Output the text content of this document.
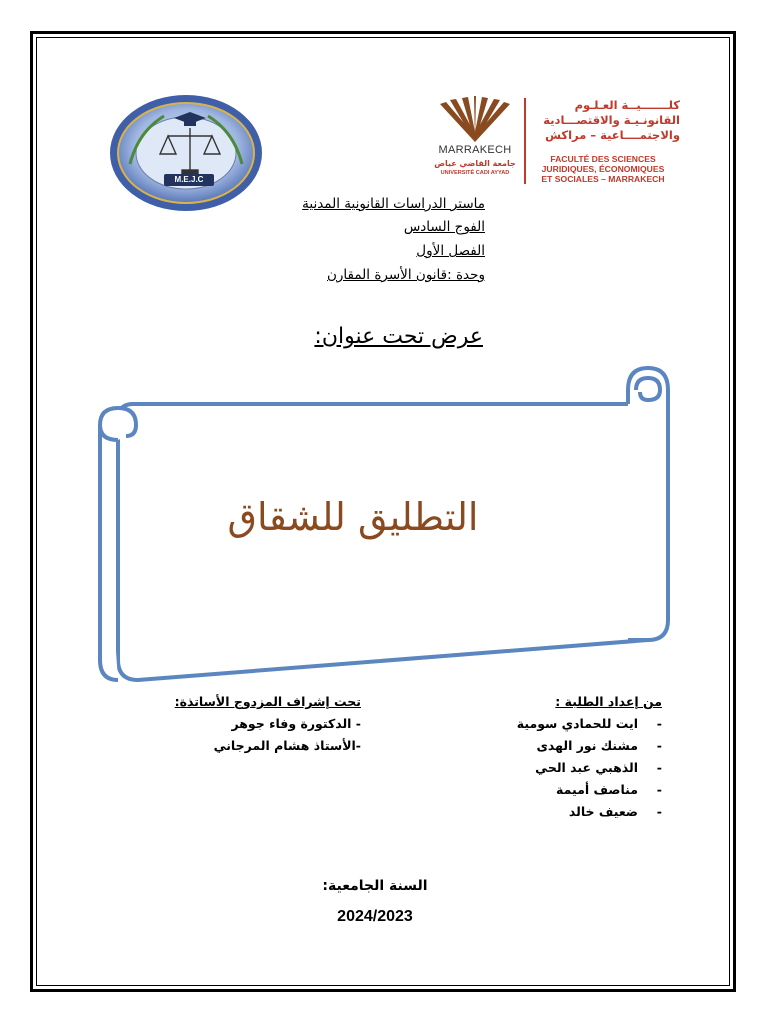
M.E.J.C
MARRAKECH
جامعة القاضي عياض
UNIVERSITÉ CADI AYYAD
كلـــــــيــة العـلـوم
القانونـيـة والاقتصـــادية
والاجتمــــاعية – مراكش
FACULTÉ DES SCIENCES
JURIDIQUES, ÉCONOMIQUES
ET SOCIALES – MARRAKECH
ماستر الدراسات القانونية المدنية
الفوج السادس
الفصل الأول
وحدة :قانون الأسرة المقارن
عرض تحت عنوان:
التطليق للشقاق
من إعداد الطلبة :
-ايت للحمادي سومية
-مشنك نور الهدى
-الذهبي عبد الحي
-مناصف أميمة
-ضعيف خالد
تحت إشراف المزدوج الأساتذة:
- الدكتورة وفاء جوهر
-الأستاذ هشام المرجاني
السنة الجامعية:
2024/2023
